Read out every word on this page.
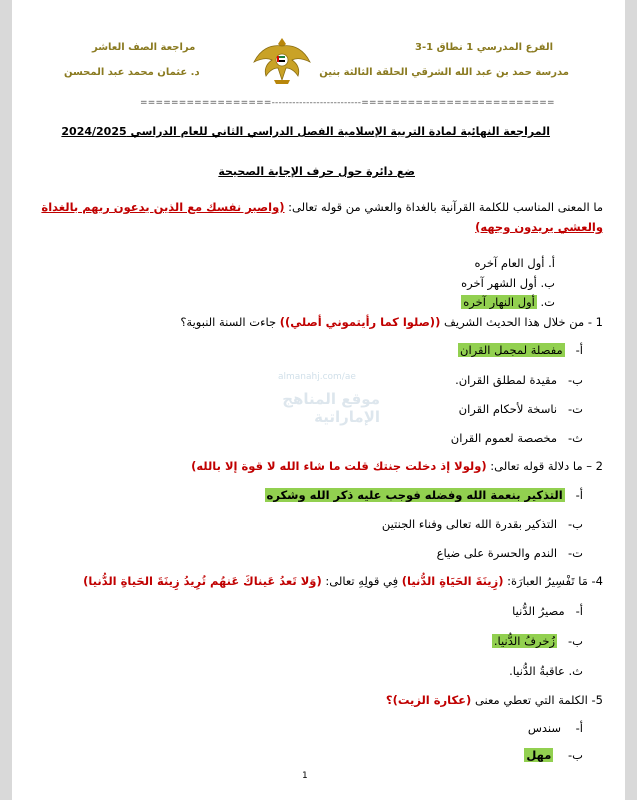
الفرع المدرسي 1 نطاق 1-3
مدرسة حمد بن عبد الله الشرقي الحلقة الثالثة بنين
مراجعة الصف العاشر
د. عثمان محمد عبد المحسن
=================--------------------------=========================
المراجعة النهائية لمادة التربية الإسلامية الفصل الدراسي الثاني للعام الدراسي 2024/2025
ضع دائرة حول حرف الإجابة الصحيحة
ما المعنى المناسب للكلمة القرآنية بالغداة والعشي من قوله تعالى: (واصبر نفسك مع الذين يدعون ربهم بالغداة
والعشي يريدون وجهه)
أ. أول العام آخره
ب. أول الشهر آخره
ت. أول النهار آخره
1 - من خلال هذا الحديث الشريف ((صلوا كما رأيتموني أصلي)) جاءت السنة النبوية؟
أ-   مفصلة لمجمل القران
ب-   مقيدة لمطلق القران.
ت-   ناسخة لأحكام القران
ث-   مخصصة لعموم القران
almanahj.com/ae
موقع المناهج الإماراتية
2 – ما دلالة قوله تعالى: (ولولا إذ دخلت جنتك قلت ما شاء الله لا قوة إلا بالله)
أ-   التذكير بنعمة الله وفضله فوجب عليه ذكر الله وشكره
ب-   التذكير بقدرة الله تعالى وفناء الجنتين
ت-   الندم والحسرة على ضياع
4- مَا تَفْسِيرُ العبارَة: (زِينَةَ الحَيَاةِ الدُّنيا) فِي قولِهِ تعالى: (وَلا تَعدُ عَيناكَ عَنهُم تُرِيدُ زِينَةَ الحَياةِ الدُّنيا)
أ-   مصيرُ الدُّنيا
ب-   زُخرفُ الدُّنيا.
ث. عاقبةُ الدُّنيا.
5- الكلمة التي تعطي معنى (عكارة الزيت)؟
أ-    سندس
ب-    مهل
1
